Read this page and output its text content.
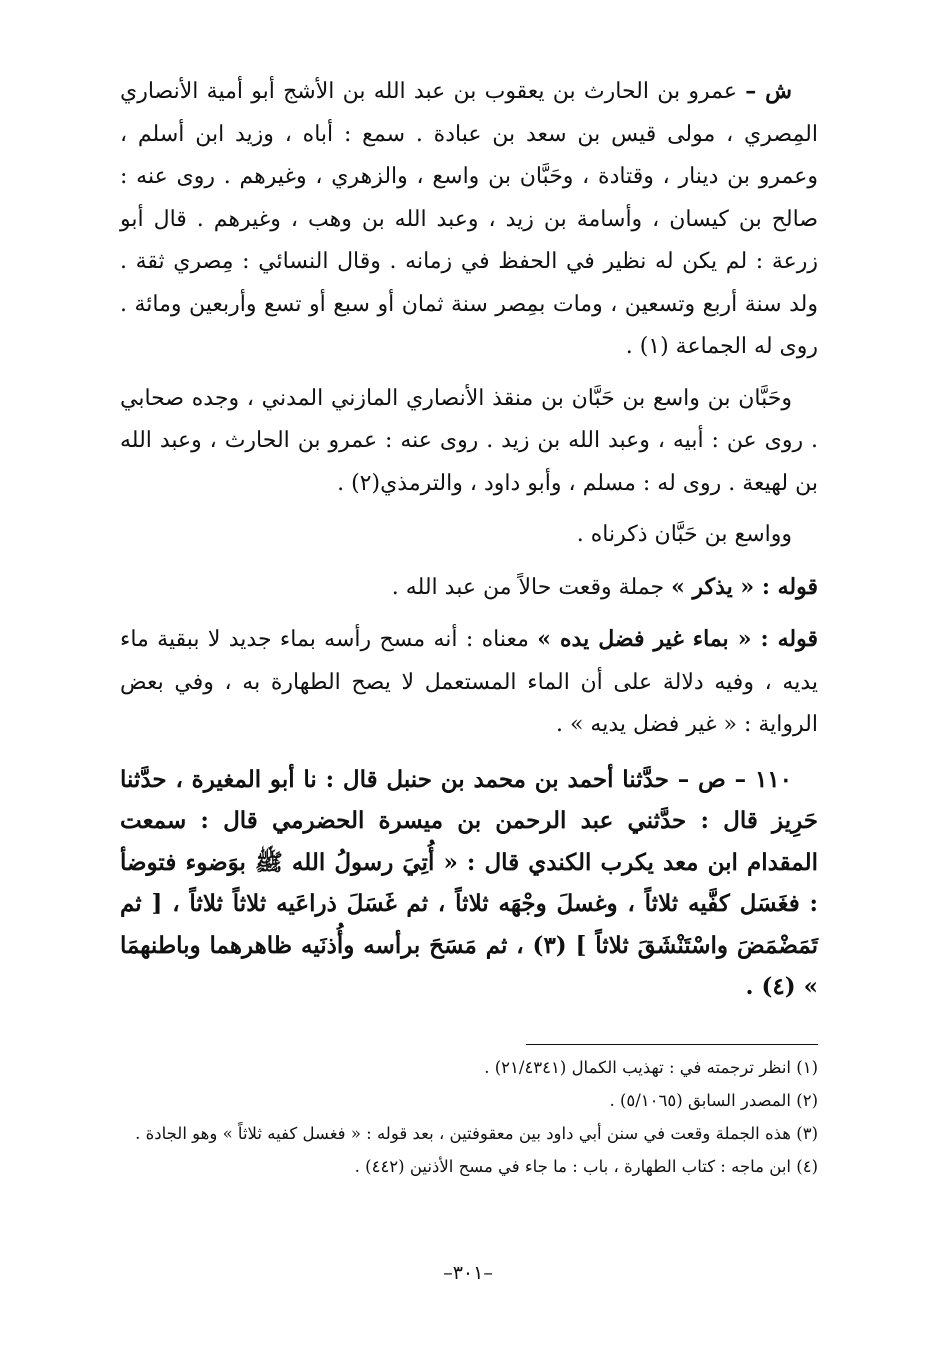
ش – عمرو بن الحارث بن يعقوب بن عبد الله بن الأشج أبو أمية الأنصاري المِصري ، مولى قيس بن سعد بن عبادة . سمع : أباه ، وزيد ابن أسلم ، وعمرو بن دينار ، وقتادة ، وحَبَّان بن واسع ، والزهري ، وغيرهم . روى عنه : صالح بن كيسان ، وأسامة بن زيد ، وعبد الله بن وهب ، وغيرهم . قال أبو زرعة : لم يكن له نظير في الحفظ في زمانه . وقال النسائي : مِصري ثقة . ولد سنة أربع وتسعين ، ومات بمِصر سنة ثمان أو سبع أو تسع وأربعين ومائة . روى له الجماعة (١) .

وحَبَّان بن واسع بن حَبَّان بن منقذ الأنصاري المازني المدني ، وجده صحابي . روى عن : أبيه ، وعبد الله بن زيد . روى عنه : عمرو بن الحارث ، وعبد الله بن لهيعة . روى له : مسلم ، وأبو داود ، والترمذي(٢) .

وواسع بن حَبَّان ذكرناه .

قوله : « يذكر » جملة وقعت حالاً من عبد الله .

قوله : « بماء غير فضل يده » معناه : أنه مسح رأسه بماء جديد لا ببقية ماء يديه ، وفيه دلالة على أن الماء المستعمل لا يصح الطهارة به ، وفي بعض الرواية : « غير فضل يديه » .

١١٠ – ص – حدَّثنا أحمد بن محمد بن حنبل قال : نا أبو المغيرة ، حدَّثنا حَرِيز قال : حدَّثني عبد الرحمن بن ميسرة الحضرمي قال : سمعت المقدام ابن معد يكرب الكندي قال : « أُتِيَ رسولُ الله ﷺ بوَضوء فتوضأ : فغَسَل كفَّيه ثلاثاً ، وغسلَ وجْهَه ثلاثاً ، ثم غَسَلَ ذراعَيه ثلاثاً ثلاثاً ، [ ثم تَمَضْمَضَ واسْتَنْشَقَ ثلاثاً ] (٣) ، ثم مَسَحَ برأسه وأُذنَيه ظاهرهما وباطنهمَا » (٤) .

(١) انظر ترجمته في : تهذيب الكمال (٢١/٤٣٤١) .

(٢) المصدر السابق (٥/١٠٦٥) .

(٣) هذه الجملة وقعت في سنن أبي داود بين معقوفتين ، بعد قوله : « فغسل كفيه ثلاثاً » وهو الجادة .

(٤) ابن ماجه : كتاب الطهارة ، باب : ما جاء في مسح الأذنين (٤٤٢) .

–٣٠١–
